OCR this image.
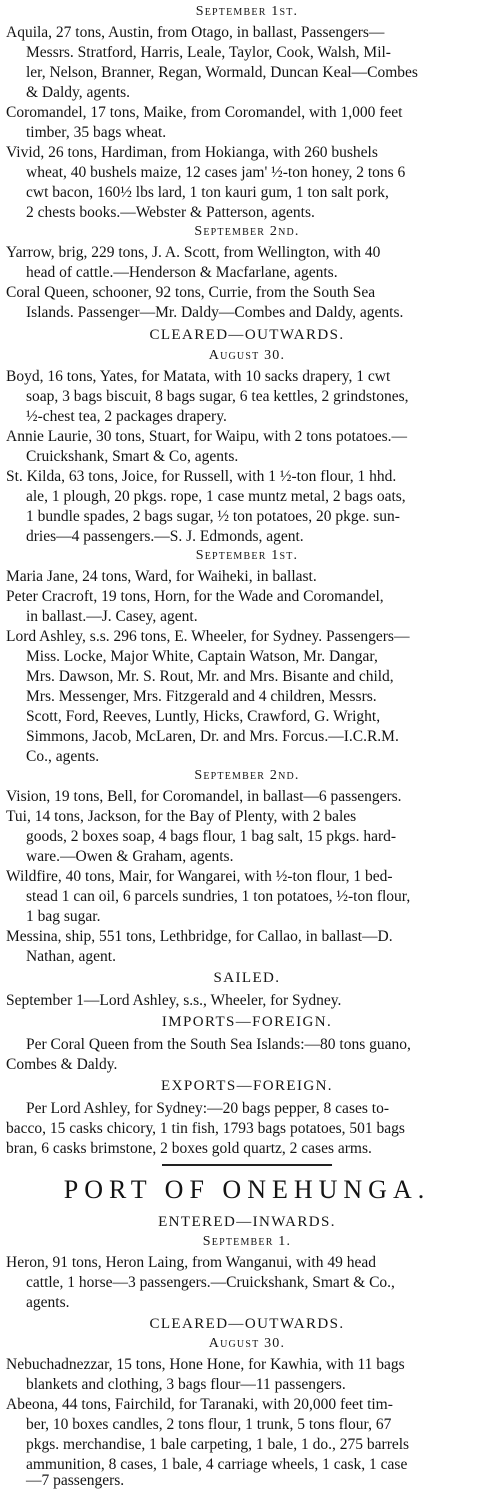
September 1st.
Aquila, 27 tons, Austin, from Otago, in ballast, Passengers—
Messrs. Stratford, Harris, Leale, Taylor, Cook, Walsh, Mil-
ler, Nelson, Branner, Regan, Wormald, Duncan Keal—Combes
& Daldy, agents.
Coromandel, 17 tons, Maike, from Coromandel, with 1,000 feet
timber, 35 bags wheat.
Vivid, 26 tons, Hardiman, from Hokianga, with 260 bushels
wheat, 40 bushels maize, 12 cases jam' ½-ton honey, 2 tons 6
cwt bacon, 160½ lbs lard, 1 ton kauri gum, 1 ton salt pork,
2 chests books.—Webster & Patterson, agents.
September 2nd.
Yarrow, brig, 229 tons, J. A. Scott, from Wellington, with 40
head of cattle.—Henderson & Macfarlane, agents.
Coral Queen, schooner, 92 tons, Currie, from the South Sea
Islands. Passenger—Mr. Daldy—Combes and Daldy, agents.
CLEARED—OUTWARDS.
August 30.
Boyd, 16 tons, Yates, for Matata, with 10 sacks drapery, 1 cwt
soap, 3 bags biscuit, 8 bags sugar, 6 tea kettles, 2 grindstones,
½-chest tea, 2 packages drapery.
Annie Laurie, 30 tons, Stuart, for Waipu, with 2 tons potatoes.—
Cruickshank, Smart & Co, agents.
St. Kilda, 63 tons, Joice, for Russell, with 1 ½-ton flour, 1 hhd.
ale, 1 plough, 20 pkgs. rope, 1 case muntz metal, 2 bags oats,
1 bundle spades, 2 bags sugar, ½ ton potatoes, 20 pkge. sun-
dries—4 passengers.—S. J. Edmonds, agent.
September 1st.
Maria Jane, 24 tons, Ward, for Waiheki, in ballast.
Peter Cracroft, 19 tons, Horn, for the Wade and Coromandel,
in ballast.—J. Casey, agent.
Lord Ashley, s.s. 296 tons, E. Wheeler, for Sydney. Passengers—
Miss. Locke, Major White, Captain Watson, Mr. Dangar,
Mrs. Dawson, Mr. S. Rout, Mr. and Mrs. Bisante and child,
Mrs. Messenger, Mrs. Fitzgerald and 4 children, Messrs.
Scott, Ford, Reeves, Luntly, Hicks, Crawford, G. Wright,
Simmons, Jacob, McLaren, Dr. and Mrs. Forcus.—I.C.R.M.
Co., agents.
September 2nd.
Vision, 19 tons, Bell, for Coromandel, in ballast—6 passengers.
Tui, 14 tons, Jackson, for the Bay of Plenty, with 2 bales
goods, 2 boxes soap, 4 bags flour, 1 bag salt, 15 pkgs. hard-
ware.—Owen & Graham, agents.
Wildfire, 40 tons, Mair, for Wangarei, with ½-ton flour, 1 bed-
stead 1 can oil, 6 parcels sundries, 1 ton potatoes, ½-ton flour,
1 bag sugar.
Messina, ship, 551 tons, Lethbridge, for Callao, in ballast—D.
Nathan, agent.
SAILED.
September 1—Lord Ashley, s.s., Wheeler, for Sydney.
IMPORTS—FOREIGN.
Per Coral Queen from the South Sea Islands:—80 tons guano,
Combes & Daldy.
EXPORTS—FOREIGN.
Per Lord Ashley, for Sydney:—20 bags pepper, 8 cases to-
bacco, 15 casks chicory, 1 tin fish, 1793 bags potatoes, 501 bags
bran, 6 casks brimstone, 2 boxes gold quartz, 2 cases arms.
PORT OF ONEHUNGA.
ENTERED—INWARDS.
September 1.
Heron, 91 tons, Heron Laing, from Wanganui, with 49 head
cattle, 1 horse—3 passengers.—Cruickshank, Smart & Co.,
agents.
CLEARED—OUTWARDS.
August 30.
Nebuchadnezzar, 15 tons, Hone Hone, for Kawhia, with 11 bags
blankets and clothing, 3 bags flour—11 passengers.
Abeona, 44 tons, Fairchild, for Taranaki, with 20,000 feet tim-
ber, 10 boxes candles, 2 tons flour, 1 trunk, 5 tons flour, 67
pkgs. merchandise, 1 bale carpeting, 1 bale, 1 do., 275 barrels
ammunition, 8 cases, 1 bale, 4 carriage wheels, 1 cask, 1 case
—7 passengers.
